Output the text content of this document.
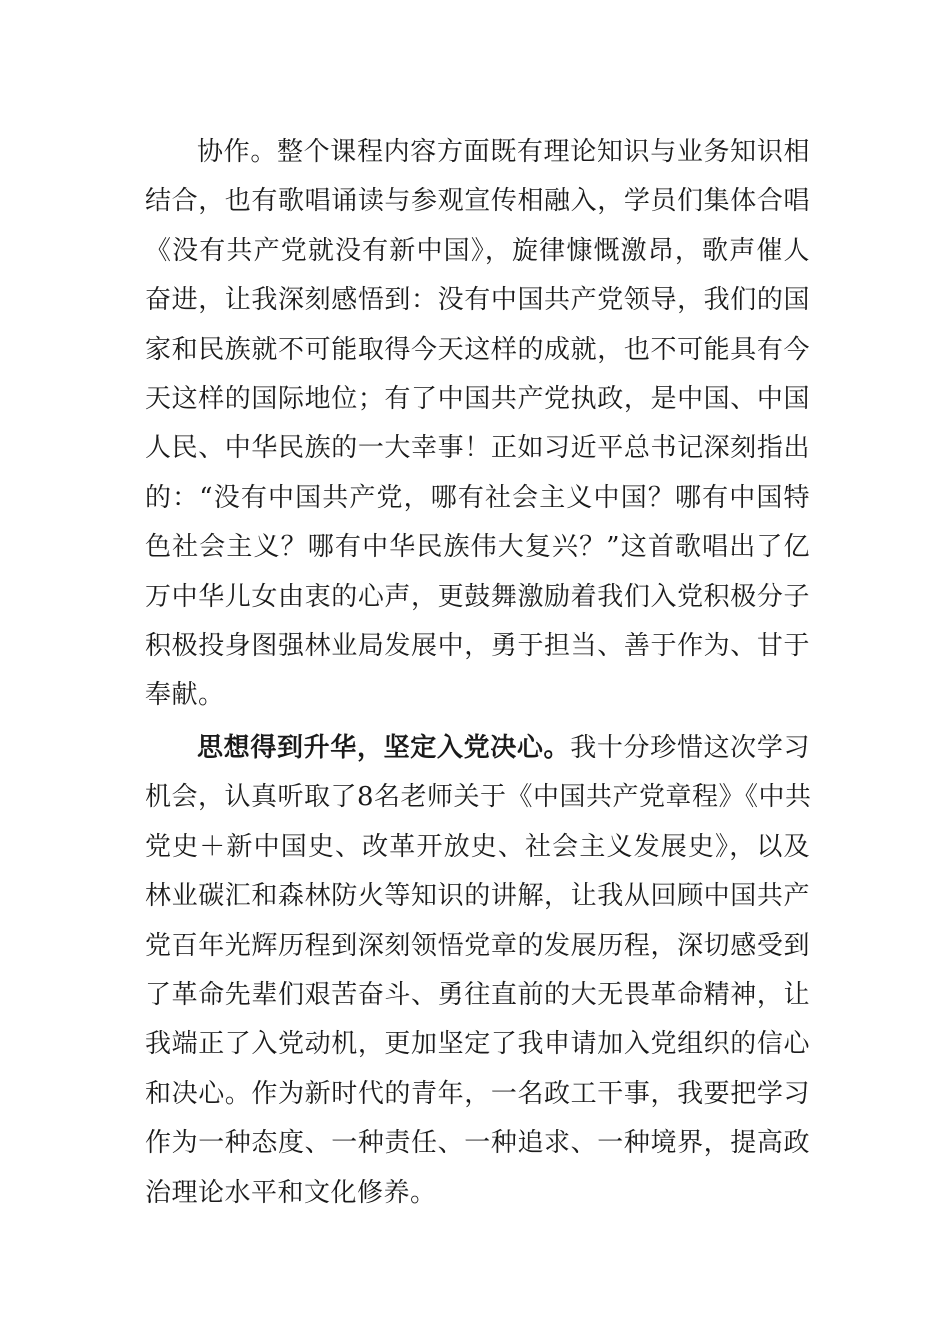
协作。整个课程内容方面既有理论知识与业务知识相
结合，也有歌唱诵读与参观宣传相融入，学员们集体合唱
《没有共产党就没有新中国》，旋律慷慨激昂，歌声催人
奋进，让我深刻感悟到：没有中国共产党领导，我们的国
家和民族就不可能取得今天这样的成就，也不可能具有今
天这样的国际地位；有了中国共产党执政，是中国、中国
人民、中华民族的一大幸事！正如习近平总书记深刻指出
的：“没有中国共产党，哪有社会主义中国？哪有中国特
色社会主义？哪有中华民族伟大复兴？”这首歌唱出了亿
万中华儿女由衷的心声，更鼓舞激励着我们入党积极分子
积极投身图强林业局发展中，勇于担当、善于作为、甘于
奉献。
思想得到升华，坚定入党决心。我十分珍惜这次学习
机会，认真听取了8名老师关于《中国共产党章程》《中共
党史＋新中国史、改革开放史、社会主义发展史》，以及
林业碳汇和森林防火等知识的讲解，让我从回顾中国共产
党百年光辉历程到深刻领悟党章的发展历程，深切感受到
了革命先辈们艰苦奋斗、勇往直前的大无畏革命精神，让
我端正了入党动机，更加坚定了我申请加入党组织的信心
和决心。作为新时代的青年，一名政工干事，我要把学习
作为一种态度、一种责任、一种追求、一种境界，提高政
治理论水平和文化修养。
